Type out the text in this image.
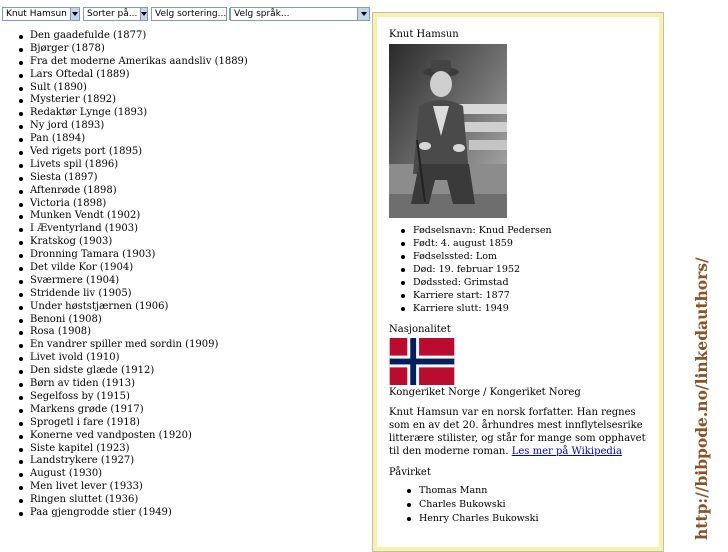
Knut Hamsun	Sorter på...	Velg sortering... Velg språk...
Den gaadefulde (1877)
Bjørger (1878)
Fra det moderne Amerikas aandsliv (1889)
Lars Oftedal (1889)
Sult (1890)
Mysterier (1892)
Redaktør Lynge (1893)
Ny jord (1893)
Pan (1894)
Ved rigets port (1895)
Livets spil (1896)
Siesta (1897)
Aftenrøde (1898)
Victoria (1898)
Munken Vendt (1902)
I Æventyrland (1903)
Kratskog (1903)
Dronning Tamara (1903)
Det vilde Kor (1904)
Sværmere (1904)
Stridende liv (1905)
Under høststjærnen (1906)
Benoni (1908)
Rosa (1908)
En vandrer spiller med sordin (1909)
Livet ivold (1910)
Den sidste glæde (1912)
Børn av tiden (1913)
Segelfoss by (1915)
Markens grøde (1917)
Sprogetl i fare (1918)
Konerne ved vandposten (1920)
Siste kapitel (1923)
Landstrykere (1927)
August (1930)
Men livet lever (1933)
Ringen sluttet (1936)
Paa gjengrodde stier (1949)
Knut Hamsun
Fødselsnavn: Knud Pedersen
Født: 4. august 1859
Fødselssted: Lom
Død: 19. februar 1952
Dødssted: Grimstad
Karriere start: 1877
Karriere slutt: 1949
Nasjonalitet
Kongeriket Norge / Kongeriket Noreg
Knut Hamsun var en norsk forfatter. Han regnes som en av det 20. århundres mest innflytelsesrike litterære stilister, og står for mange som opphavet til den moderne roman. Les mer på Wikipedia
Påvirket
Thomas Mann
Charles Bukowski
Henry Charles Bukowski	http://bibpode.no/linkedauthors/
